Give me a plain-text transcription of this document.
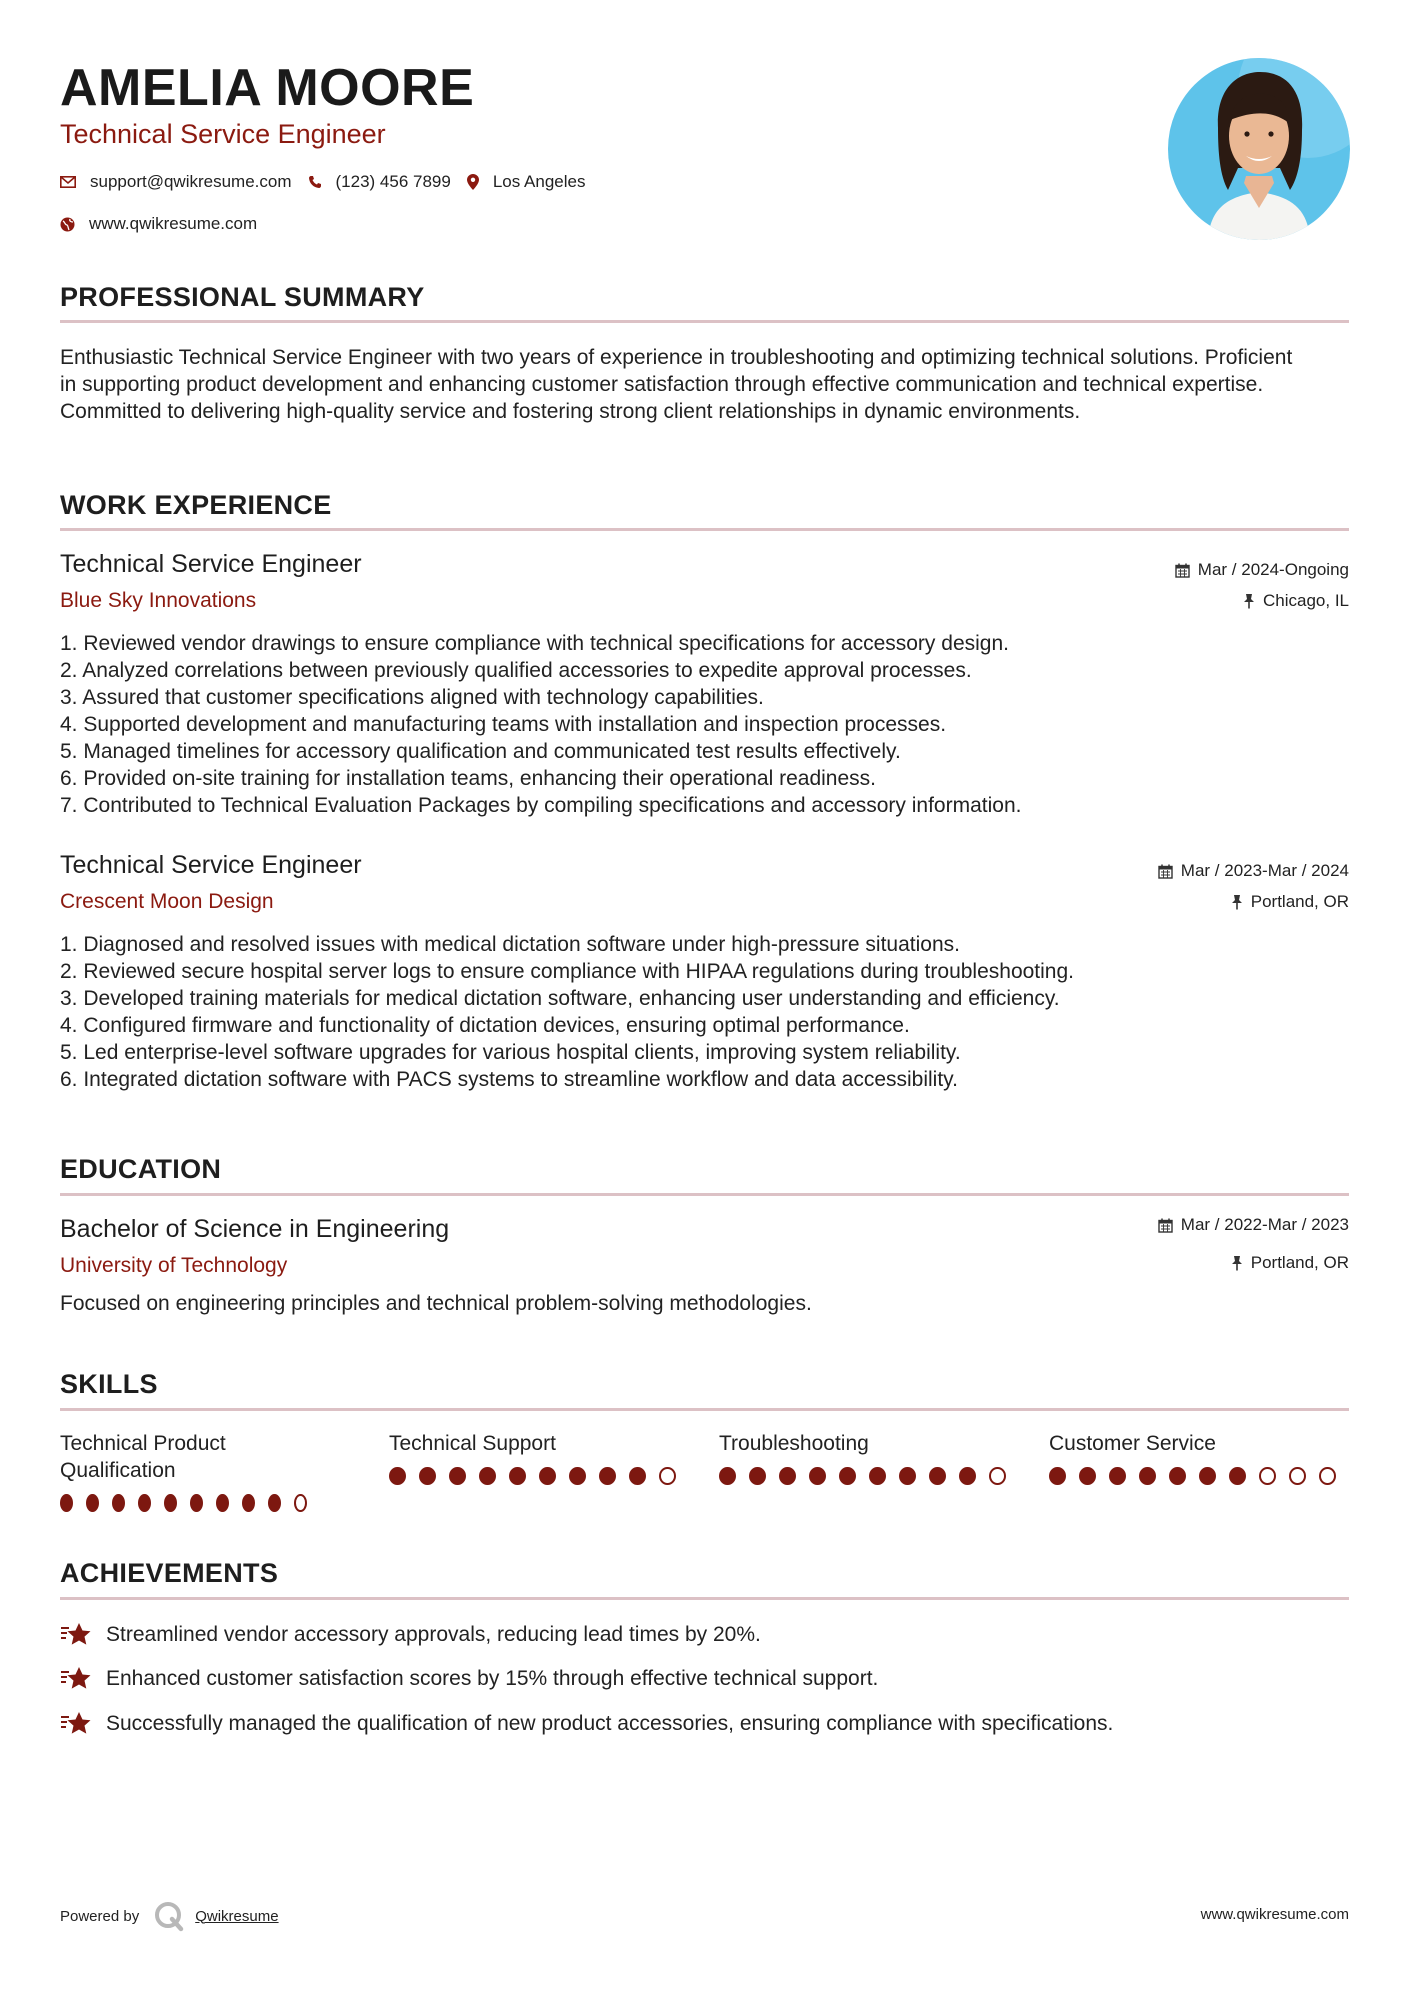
AMELIA MOORE
Technical Service Engineer
support@qwikresume.com	(123) 456 7899 Los Angeles
www.qwikresume.com
PROFESSIONAL SUMMARY
Enthusiastic Technical Service Engineer with two years of experience in troubleshooting and optimizing technical solutions. Proficient in supporting product development and enhancing customer satisfaction through effective communication and technical expertise. Committed to delivering high-quality service and fostering strong client relationships in dynamic environments.
WORK EXPERIENCE
Technical Service Engineer
Blue Sky Innovations
Mar / 2024-Ongoing
Chicago, IL
1. Reviewed vendor drawings to ensure compliance with technical specifications for accessory design.
2. Analyzed correlations between previously qualified accessories to expedite approval processes.
3. Assured that customer specifications aligned with technology capabilities.
4. Supported development and manufacturing teams with installation and inspection processes.
5. Managed timelines for accessory qualification and communicated test results effectively.
6. Provided on-site training for installation teams, enhancing their operational readiness.
7. Contributed to Technical Evaluation Packages by compiling specifications and accessory information.
Technical Service Engineer
Crescent Moon Design
Mar / 2023-Mar / 2024
Portland, OR
1. Diagnosed and resolved issues with medical dictation software under high-pressure situations.
2. Reviewed secure hospital server logs to ensure compliance with HIPAA regulations during troubleshooting.
3. Developed training materials for medical dictation software, enhancing user understanding and efficiency.
4. Configured firmware and functionality of dictation devices, ensuring optimal performance.
5. Led enterprise-level software upgrades for various hospital clients, improving system reliability.
6. Integrated dictation software with PACS systems to streamline workflow and data accessibility.
EDUCATION
Bachelor of Science in Engineering
University of Technology
Mar / 2022-Mar / 2023
Portland, OR
Focused on engineering principles and technical problem-solving methodologies.
SKILLS
Technical Product Qualification
Technical Support	Troubleshooting	Customer Service
ACHIEVEMENTS
Streamlined vendor accessory approvals, reducing lead times by 20%.
Enhanced customer satisfaction scores by 15% through effective technical support.
Successfully managed the qualification of new product accessories, ensuring compliance with specifications.
Powered by	Qwikresume	www.qwikresume.com
